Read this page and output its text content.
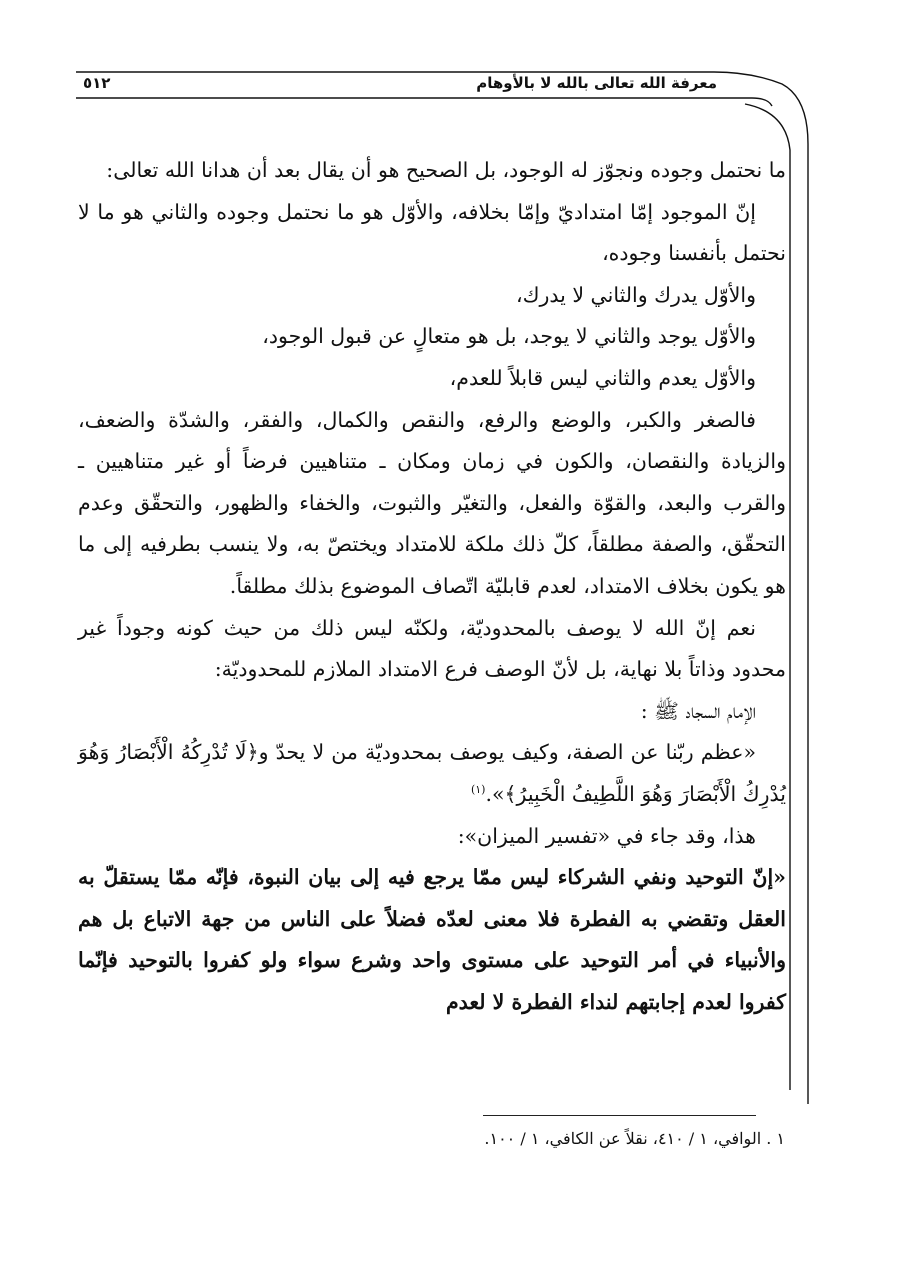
معرفة الله تعالى بالله لا بالأوهام
٥١٢

ما نحتمل وجوده ونجوّز له الوجود، بل الصحيح هو أن يقال بعد أن هدانا الله تعالى:

إنّ الموجود إمّا امتداديّ وإمّا بخلافه، والأوّل هو ما نحتمل وجوده والثاني هو ما لا نحتمل بأنفسنا وجوده،

والأوّل يدرك والثاني لا يدرك،

والأوّل يوجد والثاني لا يوجد، بل هو متعالٍ عن قبول الوجود،

والأوّل يعدم والثاني ليس قابلاً للعدم،

فالصغر والكبر، والوضع والرفع، والنقص والكمال، والفقر، والشدّة والضعف، والزيادة والنقصان، والكون في زمان ومكان ـ متناهيين فرضاً أو غير متناهيين ـ والقرب والبعد، والقوّة والفعل، والتغيّر والثبوت، والخفاء والظهور، والتحقّق وعدم التحقّق، والصفة مطلقاً، كلّ ذلك ملكة للامتداد ويختصّ به، ولا ينسب بطرفيه إلى ما هو يكون بخلاف الامتداد، لعدم قابليّة اتّصاف الموضوع بذلك مطلقاً.

نعم إنّ الله لا يوصف بالمحدوديّة، ولكنّه ليس ذلك من حيث كونه وجوداً غير محدود وذاتاً بلا نهاية، بل لأنّ الوصف فرع الامتداد الملازم للمحدوديّة:

الإمام السجاد ﷺ :

«عظم ربّنا عن الصفة، وكيف يوصف بمحدوديّة من لا يحدّ و﴿لَا تُدْرِكُهُ الْأَبْصَارُ وَهُوَ يُدْرِكُ الْأَبْصَارَ وَهُوَ اللَّطِيفُ الْخَبِيرُ﴾».$^{(١)}$

هذا، وقد جاء في «تفسير الميزان»:

«إنّ التوحيد ونفي الشركاء ليس ممّا يرجع فيه إلى بيان النبوة، فإنّه ممّا يستقلّ به العقل وتقضي به الفطرة فلا معنى لعدّه فضلاً على الناس من جهة الاتباع بل هم والأنبياء في أمر التوحيد على مستوى واحد وشرع سواء ولو كفروا بالتوحيد فإنّما كفروا لعدم إجابتهم لنداء الفطرة لا لعدم

١ . الوافي، ١ / ٤١٠، نقلاً عن الكافي، ١ / ١٠٠.
